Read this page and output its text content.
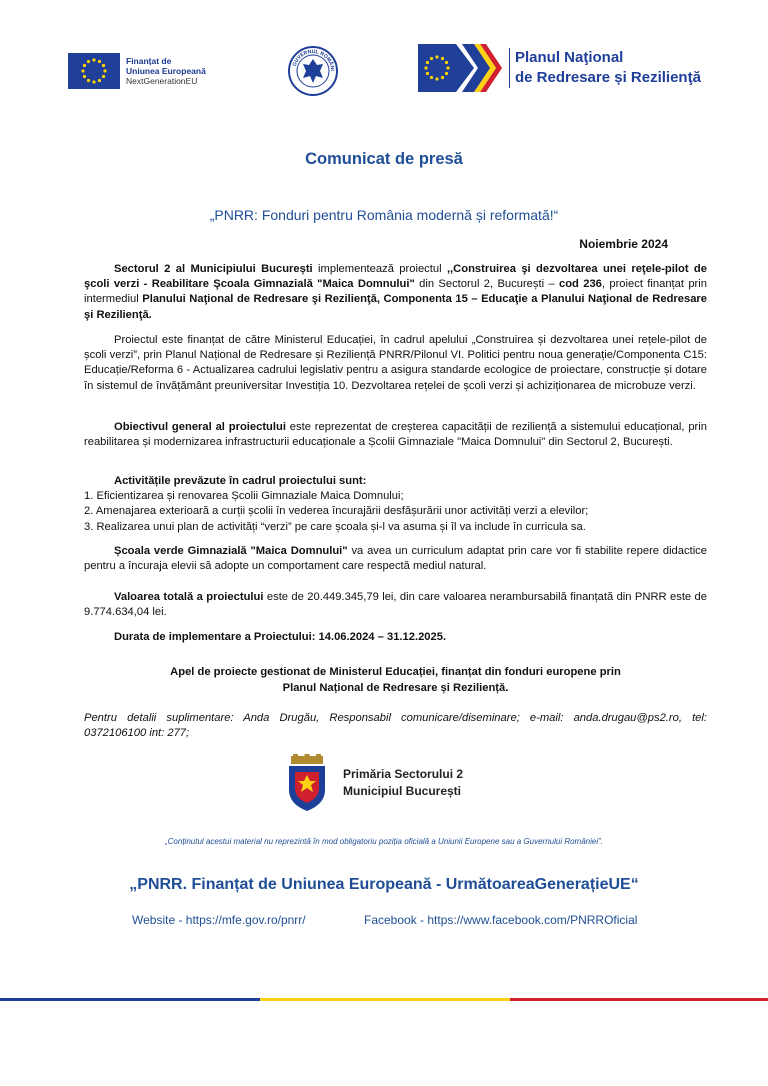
Finanțat de
Uniunea Europeană
NextGenerationEU
GUVERNUL ROMÂNI
Planul Naţional
de Redresare și Rezilienţă
Comunicat de presă
„PNRR: Fonduri pentru România modernă și reformată!“
Noiembrie 2024

Sectorul 2 al Municipiului București implementează proiectul ,,Construirea şi dezvoltarea unei reţele-pilot de şcoli verzi - Reabilitare Şcoala Gimnazială "Maica Domnului" din Sectorul 2, București – cod 236, proiect finanțat prin intermediul Planului Naţional de Redresare şi Rezilienţă, Componenta 15 – Educaţie a Planului Naţional de Redresare şi Rezilienţă.

Proiectul este finanțat de către Ministerul Educației, în cadrul apelului „Construirea și dezvoltarea unei rețele-pilot de școli verzi”, prin Planul Național de Redresare și Reziliență PNRR/Pilonul VI. Politici pentru noua generație/Componenta C15: Educație/Reforma 6 - Actualizarea cadrului legislativ pentru a asigura standarde ecologice de proiectare, construcție și dotare în sistemul de învățământ preuniversitar Investiția 10. Dezvoltarea rețelei de școli verzi și achiziționarea de microbuze verzi.

Obiectivul general al proiectului este reprezentat de creșterea capacității de reziliență a sistemului educațional, prin reabilitarea și modernizarea infrastructurii educaționale a Școlii Gimnaziale "Maica Domnului" din Sectorul 2, București.

Activitățile prevăzute în cadrul proiectului sunt:

1. Eficientizarea și renovarea Școlii Gimnaziale Maica Domnului;
2. Amenajarea exterioară a curții școlii în vederea încurajării desfășurării unor activități verzi a elevilor;
3. Realizarea unui plan de activități “verzi” pe care școala și-l va asuma și îl va include în curricula sa.

Școala verde Gimnazială "Maica Domnului" va avea un curriculum adaptat prin care vor fi stabilite repere didactice pentru a încuraja elevii să adopte un comportament care respectă mediul natural.

Valoarea totală a proiectului este de 20.449.345,79 lei, din care valoarea nerambursabilă finanțată din PNRR este de 9.774.634,04 lei.

Durata de implementare a Proiectului: 14.06.2024 – 31.12.2025.

Apel de proiecte gestionat de Ministerul Educației, finanțat din fonduri europene prin
Planul Național de Redresare și Reziliență.
Pentru detalii suplimentare: Anda Drugău, Responsabil comunicare/diseminare; e-mail: anda.drugau@ps2.ro, tel: 0372106100 int: 277;
Primăria Sectorului 2
Municipiul București
„Conținutul acestui material nu reprezintă în mod obligatoriu poziția oficială a Uniunii Europene sau a Guvernului României”.
„PNRR. Finanțat de Uniunea Europeană - UrmătoareaGenerațieUE“
Website - https://mfe.gov.ro/pnrr/	Facebook - https://www.facebook.com/PNRROficial
